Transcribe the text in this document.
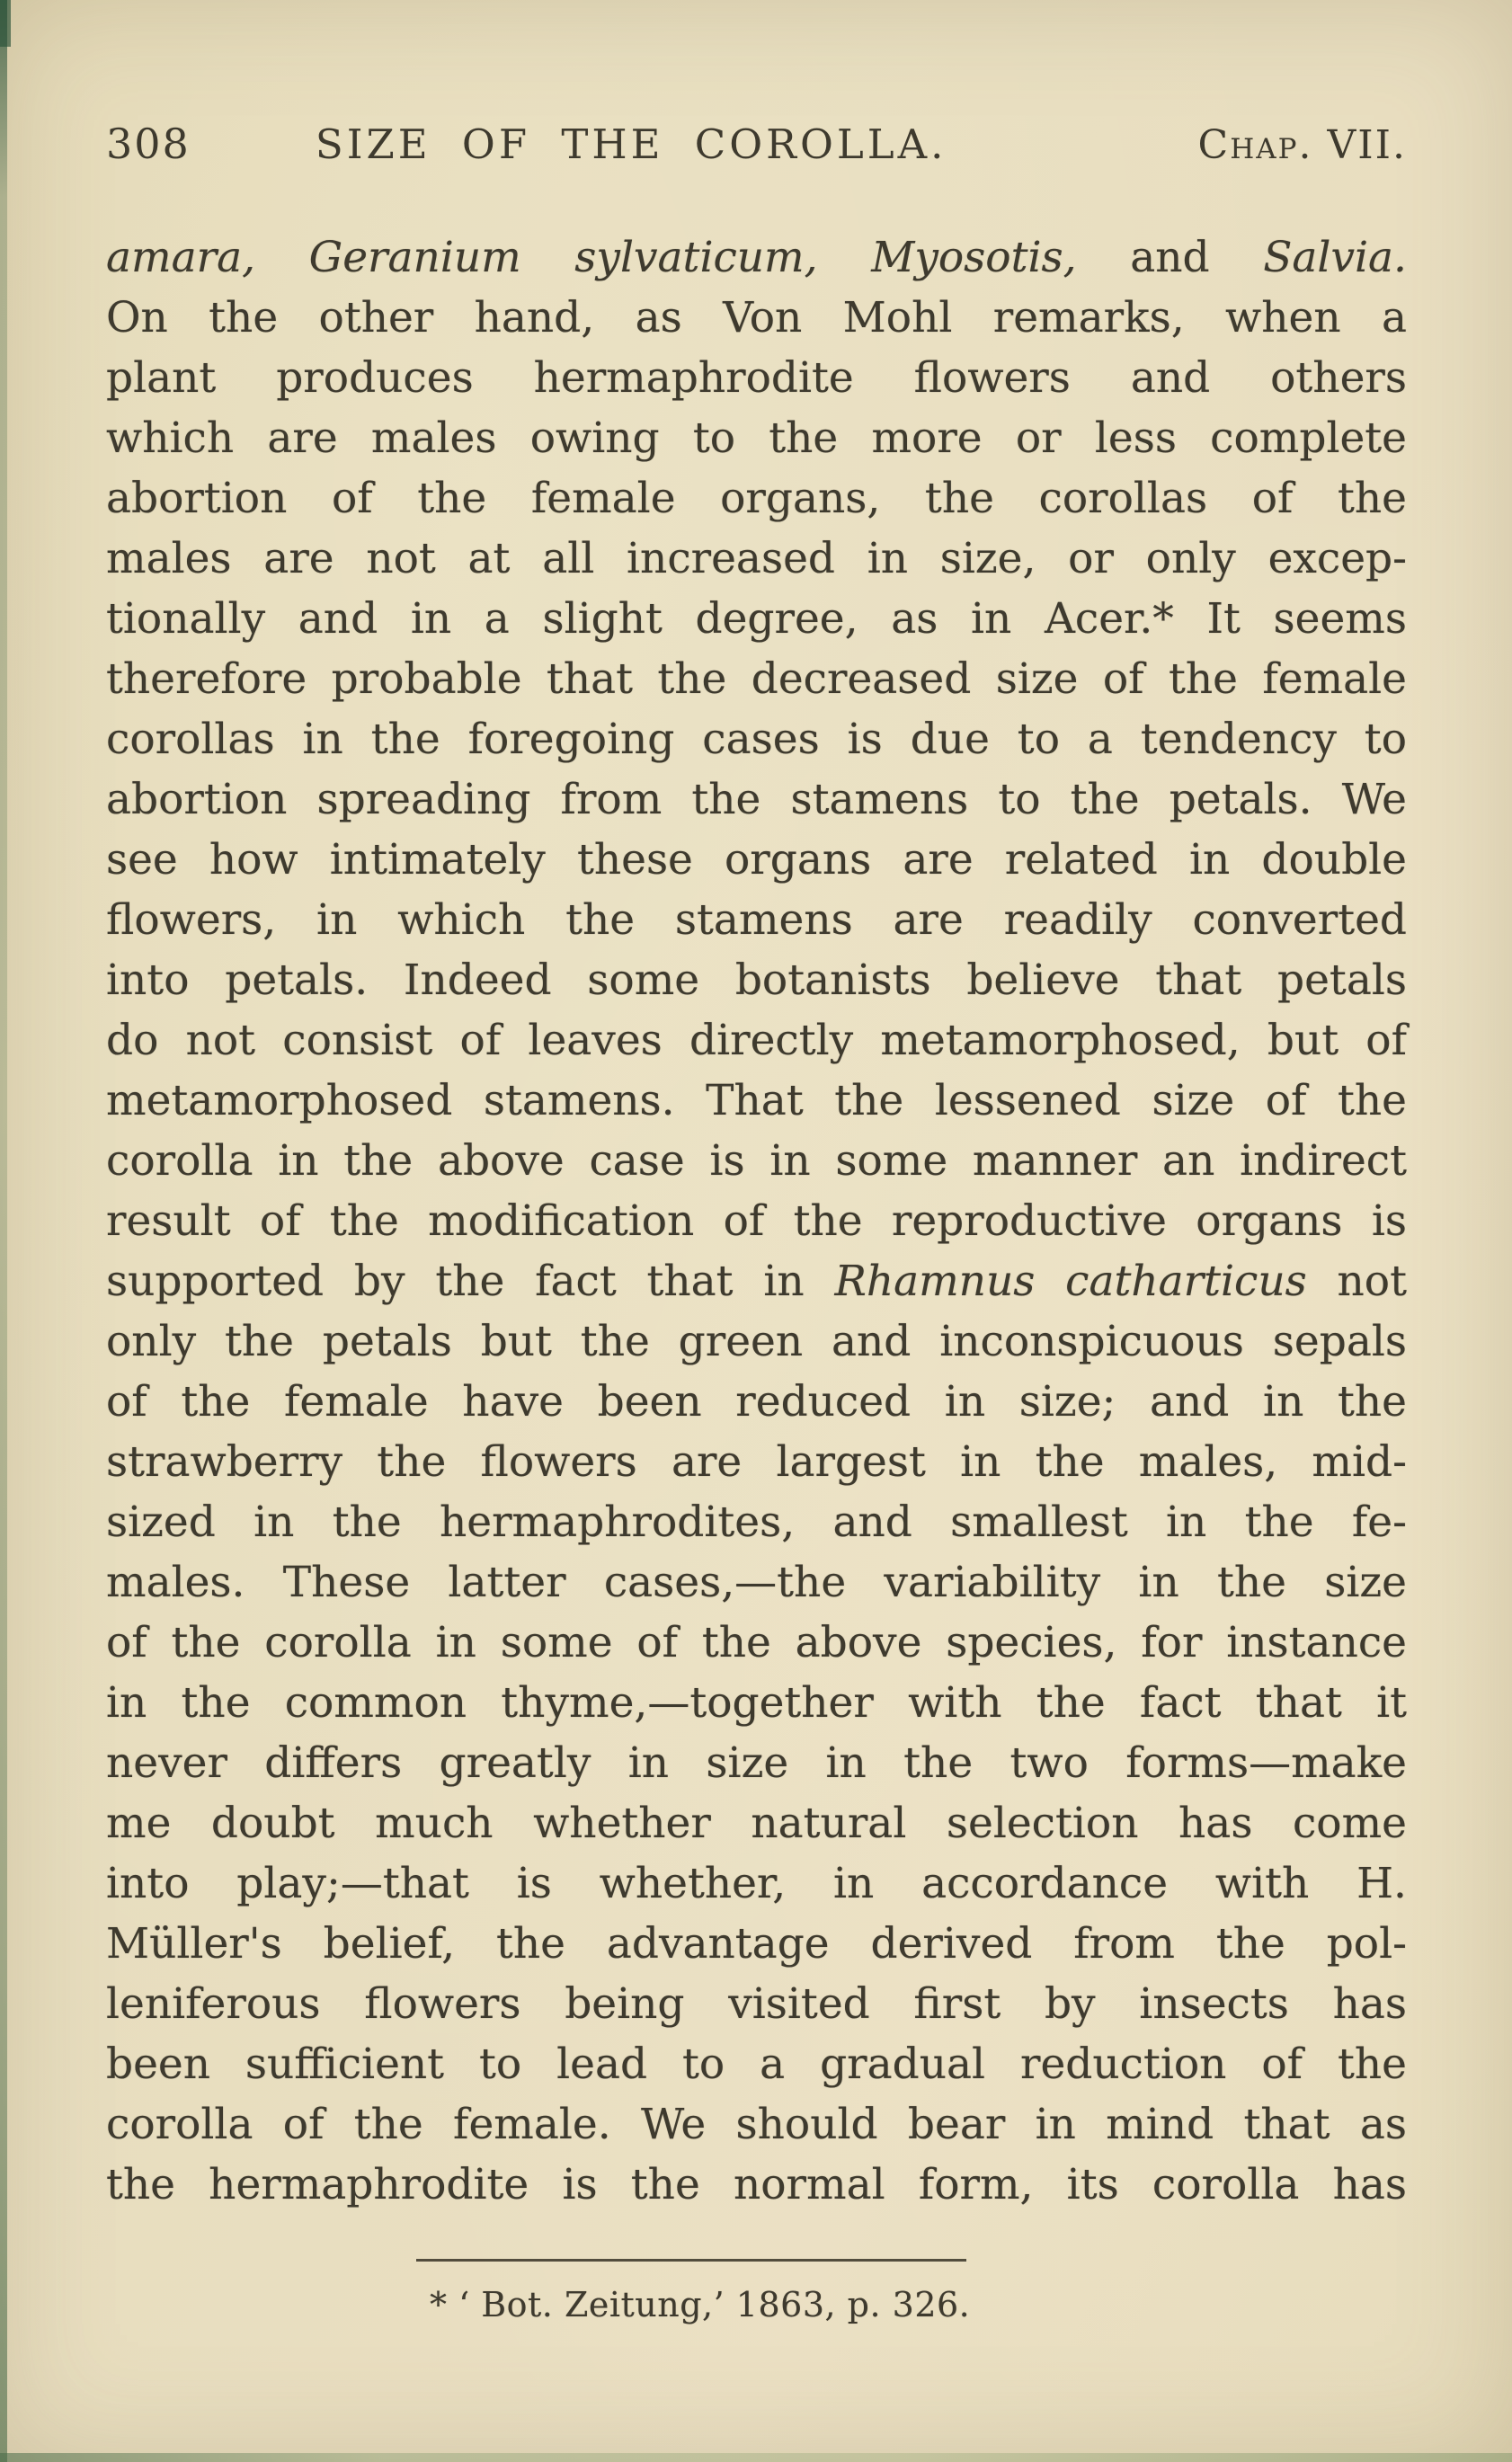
308	SIZE OF THE COROLLA.	Chap. VII.
amara, Geranium sylvaticum, Myosotis, and Salvia.
On the other hand, as Von Mohl remarks, when a
plant produces hermaphrodite flowers and others
which are males owing to the more or less complete
abortion of the female organs, the corollas of the
males are not at all increased in size, or only excep-
tionally and in a slight degree, as in Acer.* It seems
therefore probable that the decreased size of the female
corollas in the foregoing cases is due to a tendency to
abortion spreading from the stamens to the petals. We
see how intimately these organs are related in double
flowers, in which the stamens are readily converted
into petals. Indeed some botanists believe that petals
do not consist of leaves directly metamorphosed, but of
metamorphosed stamens. That the lessened size of the
corolla in the above case is in some manner an indirect
result of the modification of the reproductive organs is
supported by the fact that in Rhamnus catharticus not
only the petals but the green and inconspicuous sepals
of the female have been reduced in size; and in the
strawberry the flowers are largest in the males, mid-
sized in the hermaphrodites, and smallest in the fe-
males. These latter cases,—the variability in the size
of the corolla in some of the above species, for instance
in the common thyme,—together with the fact that it
never differs greatly in size in the two forms—make
me doubt much whether natural selection has come
into play;—that is whether, in accordance with H.
Müller's belief, the advantage derived from the pol-
leniferous flowers being visited first by insects has
been sufficient to lead to a gradual reduction of the
corolla of the female. We should bear in mind that as
the hermaphrodite is the normal form, its corolla has
* ‘ Bot. Zeitung,’ 1863, p. 326.
